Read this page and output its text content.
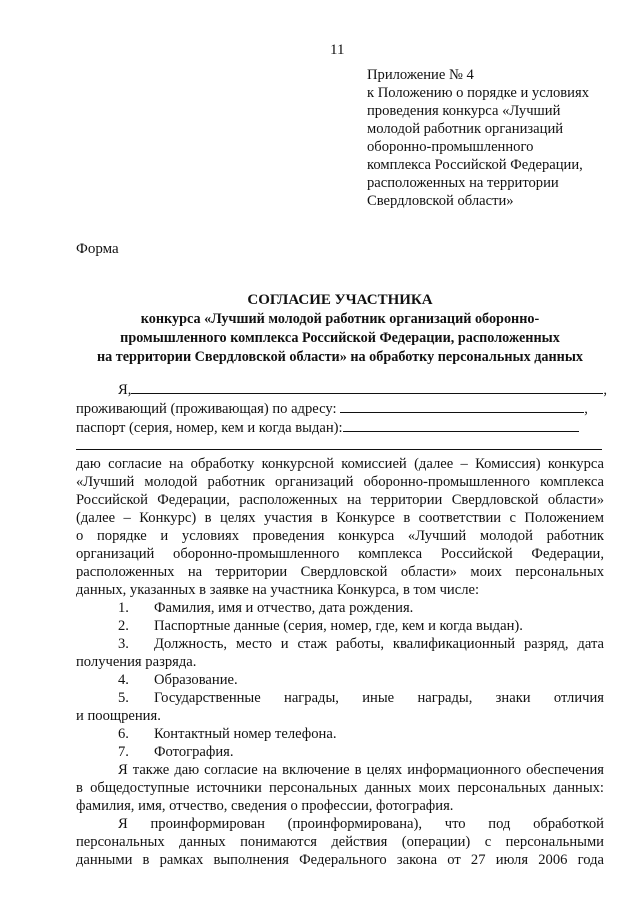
11
Приложение № 4
к Положению о порядке и условиях
проведения конкурса «Лучший
молодой работник организаций
оборонно-промышленного
комплекса Российской Федерации,
расположенных на территории
Свердловской области»
Форма
СОГЛАСИЕ УЧАСТНИКА
конкурса «Лучший молодой работник организаций оборонно-
промышленного комплекса Российской Федерации, расположенных
на территории Свердловской области» на обработку персональных данных
Я,	,
проживающий (проживающая) по адресу:	,
паспорт (серия, номер, кем и когда выдан):
даю согласие на обработку конкурсной комиссией (далее – Комиссия) конкурса
«Лучший молодой работник организаций оборонно-промышленного комплекса
Российской Федерации, расположенных на территории Свердловской области»
(далее – Конкурс) в целях участия в Конкурсе в соответствии с Положением
о порядке и условиях проведения конкурса «Лучший молодой работник
организаций оборонно-промышленного комплекса Российской Федерации,
расположенных на территории Свердловской области» моих персональных
данных, указанных в заявке на участника Конкурса, в том числе:
1.	Фамилия, имя и отчество, дата рождения.
2.	Паспортные данные (серия, номер, где, кем и когда выдан).
3.	Должность, место и стаж работы, квалификационный разряд, дата
получения разряда.
4.	Образование.
5.	Государственные награды, иные награды, знаки отличия
и поощрения.
6.	Контактный номер телефона.
7.	Фотография.
Я также даю согласие на включение в целях информационного обеспечения
в общедоступные источники персональных данных моих персональных данных:
фамилия, имя, отчество, сведения о профессии, фотография.
Я проинформирован (проинформирована), что под обработкой
персональных данных понимаются действия (операции) с персональными
данными в рамках выполнения Федерального закона от 27 июля 2006 года
